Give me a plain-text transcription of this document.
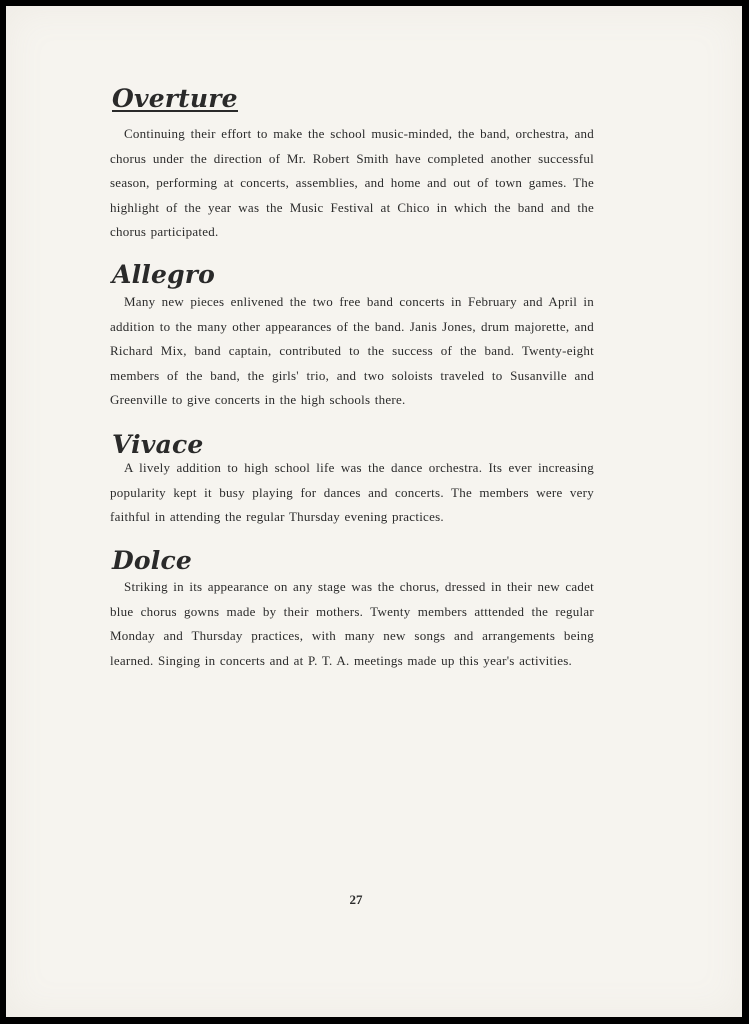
Overture

Continuing their effort to make the school music-minded, the band, orchestra, and chorus under the direction of Mr. Robert Smith have completed another successful season, performing at concerts, assemblies, and home and out of town games. The highlight of the year was the Music Festival at Chico in which the band and the chorus participated.

Allegro

Many new pieces enlivened the two free band concerts in February and April in addition to the many other appearances of the band. Janis Jones, drum majorette, and Richard Mix, band captain, contributed to the success of the band. Twenty-eight members of the band, the girls' trio, and two soloists traveled to Susanville and Greenville to give concerts in the high schools there.

Vivace

A lively addition to high school life was the dance orchestra. Its ever increasing popularity kept it busy playing for dances and concerts. The members were very faithful in attending the regular Thursday evening practices.

Dolce

Striking in its appearance on any stage was the chorus, dressed in their new cadet blue chorus gowns made by their mothers. Twenty members atttended the regular Monday and Thursday practices, with many new songs and arrangements being learned. Singing in concerts and at P. T. A. meetings made up this year's activities.

27
